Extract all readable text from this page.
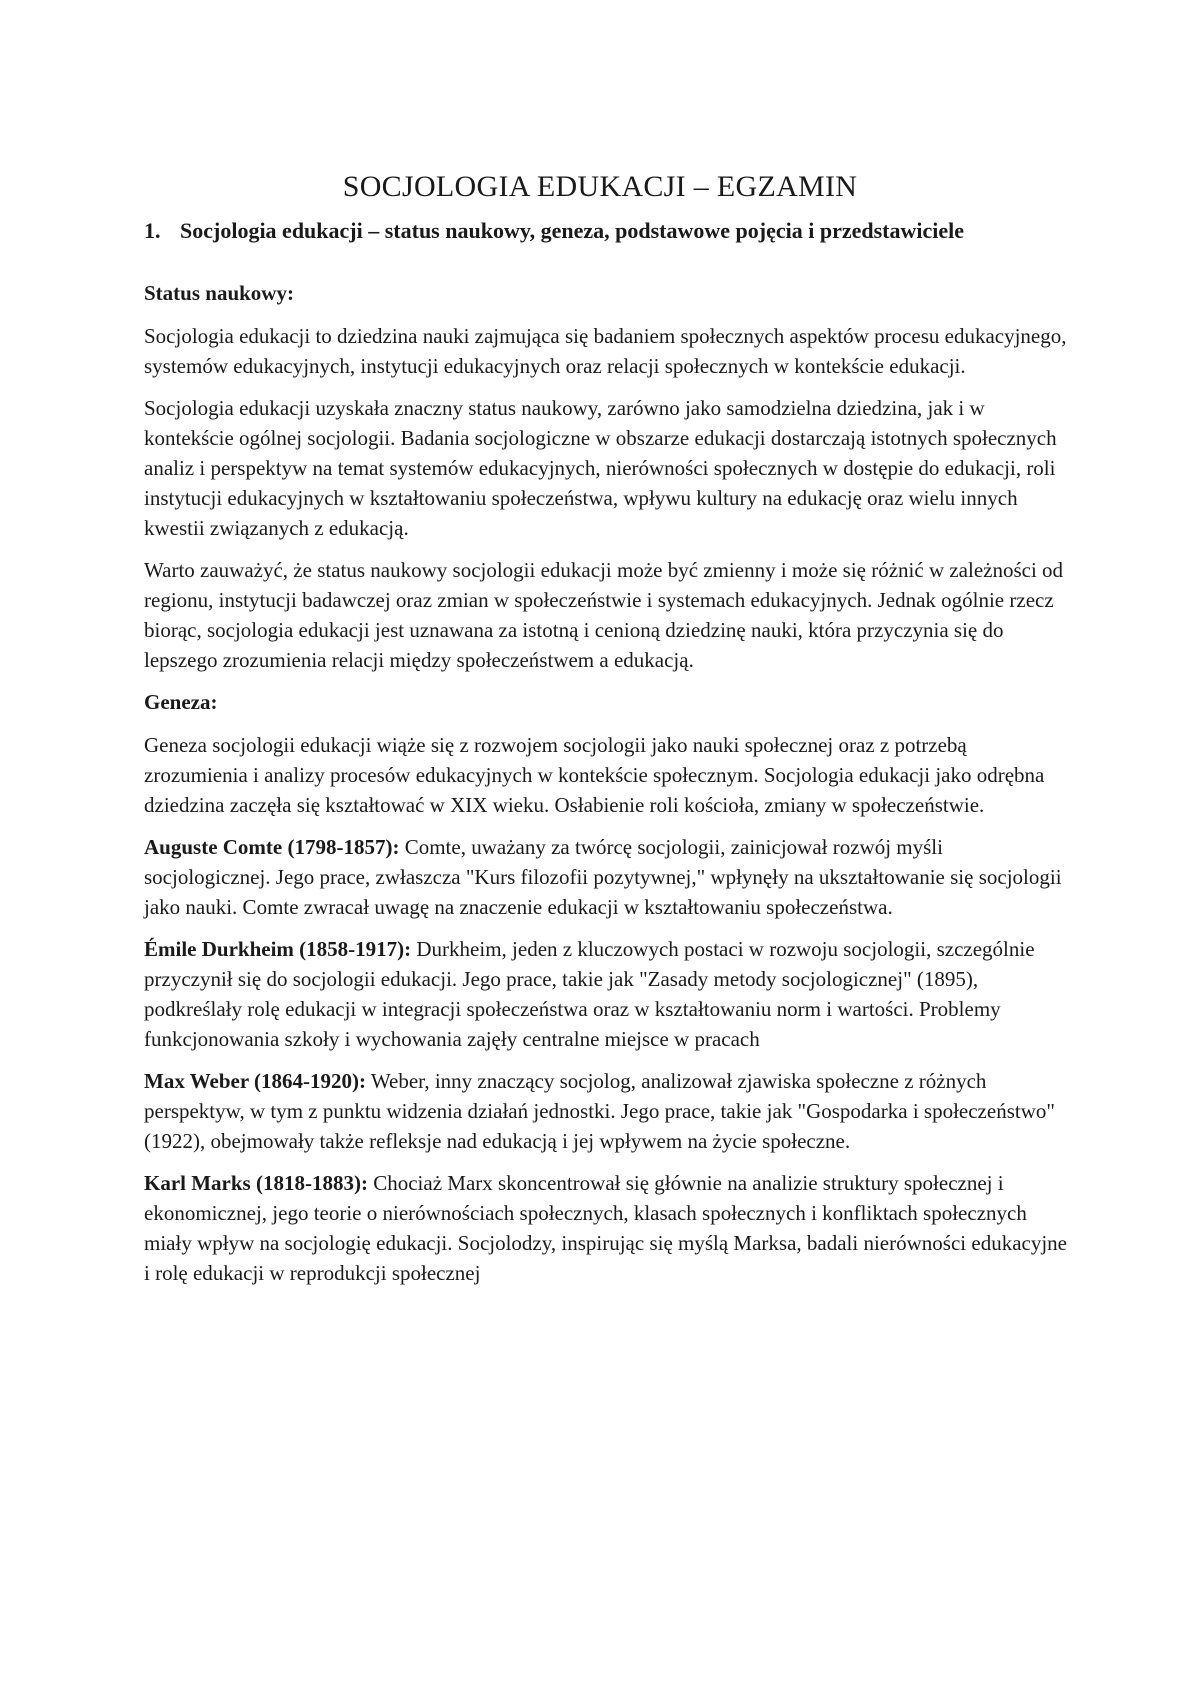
SOCJOLOGIA EDUKACJI – EGZAMIN
1. Socjologia edukacji – status naukowy, geneza, podstawowe pojęcia i przedstawiciele
Status naukowy:

Socjologia edukacji to dziedzina nauki zajmująca się badaniem społecznych aspektów procesu edukacyjnego, systemów edukacyjnych, instytucji edukacyjnych oraz relacji społecznych w kontekście edukacji.

Socjologia edukacji uzyskała znaczny status naukowy, zarówno jako samodzielna dziedzina, jak i w kontekście ogólnej socjologii. Badania socjologiczne w obszarze edukacji dostarczają istotnych społecznych analiz i perspektyw na temat systemów edukacyjnych, nierówności społecznych w dostępie do edukacji, roli instytucji edukacyjnych w kształtowaniu społeczeństwa, wpływu kultury na edukację oraz wielu innych kwestii związanych z edukacją.

Warto zauważyć, że status naukowy socjologii edukacji może być zmienny i może się różnić w zależności od regionu, instytucji badawczej oraz zmian w społeczeństwie i systemach edukacyjnych. Jednak ogólnie rzecz biorąc, socjologia edukacji jest uznawana za istotną i cenioną dziedzinę nauki, która przyczynia się do lepszego zrozumienia relacji między społeczeństwem a edukacją.

Geneza:

Geneza socjologii edukacji wiąże się z rozwojem socjologii jako nauki społecznej oraz z potrzebą zrozumienia i analizy procesów edukacyjnych w kontekście społecznym. Socjologia edukacji jako odrębna dziedzina zaczęła się kształtować w XIX wieku. Osłabienie roli kościoła, zmiany w społeczeństwie.

Auguste Comte (1798-1857): Comte, uważany za twórcę socjologii, zainicjował rozwój myśli socjologicznej. Jego prace, zwłaszcza "Kurs filozofii pozytywnej," wpłynęły na ukształtowanie się socjologii jako nauki. Comte zwracał uwagę na znaczenie edukacji w kształtowaniu społeczeństwa.

Émile Durkheim (1858-1917): Durkheim, jeden z kluczowych postaci w rozwoju socjologii, szczególnie przyczynił się do socjologii edukacji. Jego prace, takie jak "Zasady metody socjologicznej" (1895), podkreślały rolę edukacji w integracji społeczeństwa oraz w kształtowaniu norm i wartości. Problemy funkcjonowania szkoły i wychowania zajęły centralne miejsce w pracach

Max Weber (1864-1920): Weber, inny znaczący socjolog, analizował zjawiska społeczne z różnych perspektyw, w tym z punktu widzenia działań jednostki. Jego prace, takie jak "Gospodarka i społeczeństwo" (1922), obejmowały także refleksje nad edukacją i jej wpływem na życie społeczne.

Karl Marks (1818-1883): Chociaż Marx skoncentrował się głównie na analizie struktury społecznej i ekonomicznej, jego teorie o nierównościach społecznych, klasach społecznych i konfliktach społecznych miały wpływ na socjologię edukacji. Socjolodzy, inspirując się myślą Marksa, badali nierówności edukacyjne i rolę edukacji w reprodukcji społecznej
